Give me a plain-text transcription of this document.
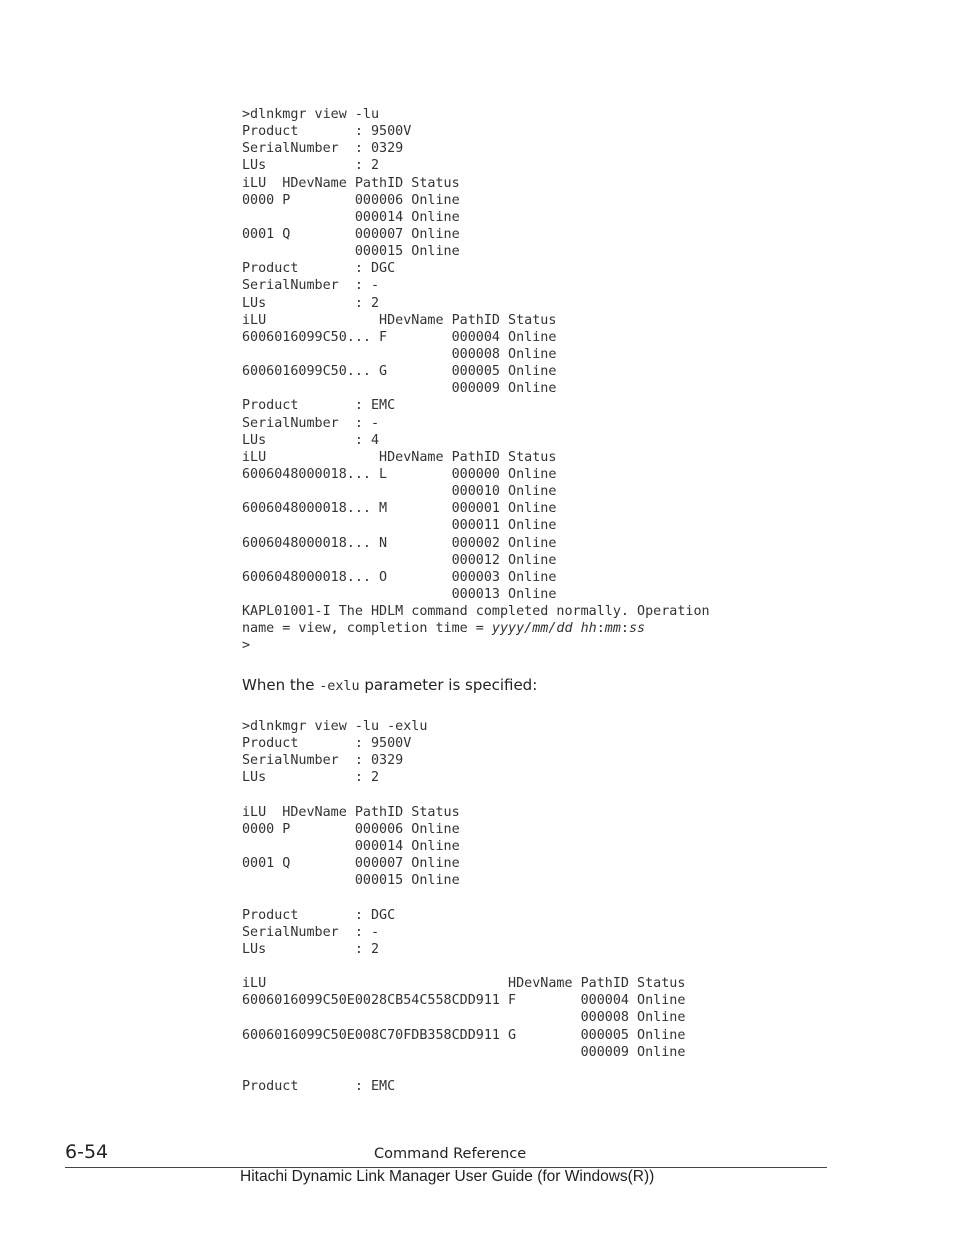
>dlnkmgr view -lu
Product       : 9500V
SerialNumber  : 0329
LUs           : 2
iLU  HDevName PathID Status
0000 P        000006 Online
000014 Online
0001 Q        000007 Online
000015 Online
Product       : DGC
SerialNumber  : -
LUs           : 2
iLU              HDevName PathID Status
6006016099C50... F        000004 Online
000008 Online
6006016099C50... G        000005 Online
000009 Online
Product       : EMC
SerialNumber  : -
LUs           : 4
iLU              HDevName PathID Status
6006048000018... L        000000 Online
000010 Online
6006048000018... M        000001 Online
000011 Online
6006048000018... N        000002 Online
000012 Online
6006048000018... O        000003 Online
000013 Online
KAPL01001-I The HDLM command completed normally. Operation
name = view, completion time = yyyy/mm/dd hh:mm:ss
>

When the -exlu parameter is specified:

>dlnkmgr view -lu -exlu
Product       : 9500V
SerialNumber  : 0329
LUs           : 2
iLU  HDevName PathID Status
0000 P        000006 Online
000014 Online
0001 Q        000007 Online
000015 Online
Product       : DGC
SerialNumber  : -
LUs           : 2
iLU                              HDevName PathID Status
6006016099C50E0028CB54C558CDD911 F        000004 Online
000008 Online
6006016099C50E008C70FDB358CDD911 G        000005 Online
000009 Online
Product       : EMC
6-54	Command Reference
Hitachi Dynamic Link Manager User Guide (for Windows(R))
